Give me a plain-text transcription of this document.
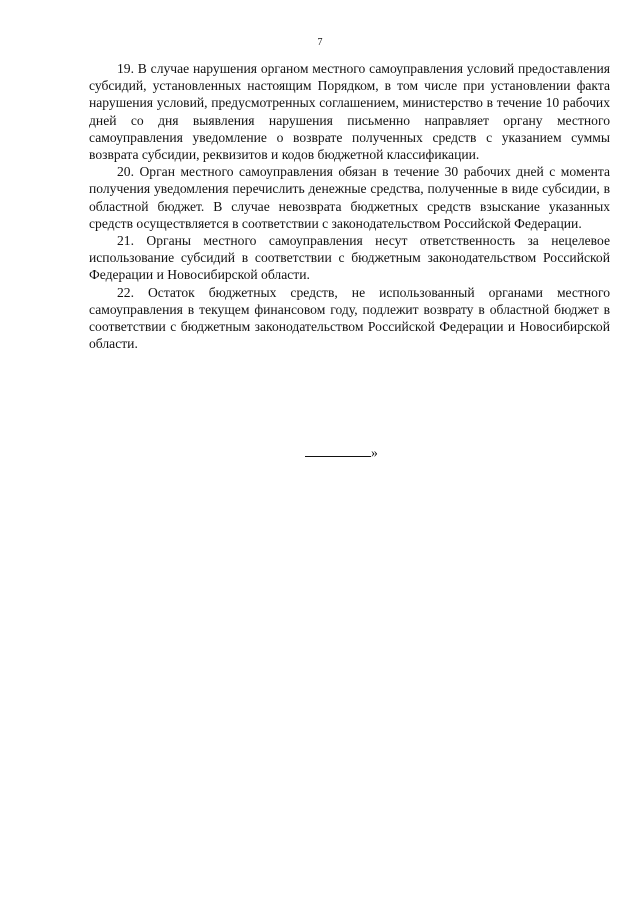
7

19. В случае нарушения органом местного самоуправления условий предоставления субсидий, установленных настоящим Порядком, в том числе при установлении факта нарушения условий, предусмотренных соглашением, министерство в течение 10 рабочих дней со дня выявления нарушения письменно направляет органу местного самоуправления уведомление о возврате полученных средств с указанием суммы возврата субсидии, реквизитов и кодов бюджетной классификации.

20. Орган местного самоуправления обязан в течение 30 рабочих дней с момента получения уведомления перечислить денежные средства, полученные в виде субсидии, в областной бюджет. В случае невозврата бюджетных средств взыскание указанных средств осуществляется в соответствии с законодательством Российской Федерации.

21. Органы местного самоуправления несут ответственность за нецелевое использование субсидий в соответствии с бюджетным законодательством Российской Федерации и Новосибирской области.

22. Остаток бюджетных средств, не использованный органами местного самоуправления в текущем финансовом году, подлежит возврату в областной бюджет в соответствии с бюджетным законодательством Российской Федерации и Новосибирской области.

»
